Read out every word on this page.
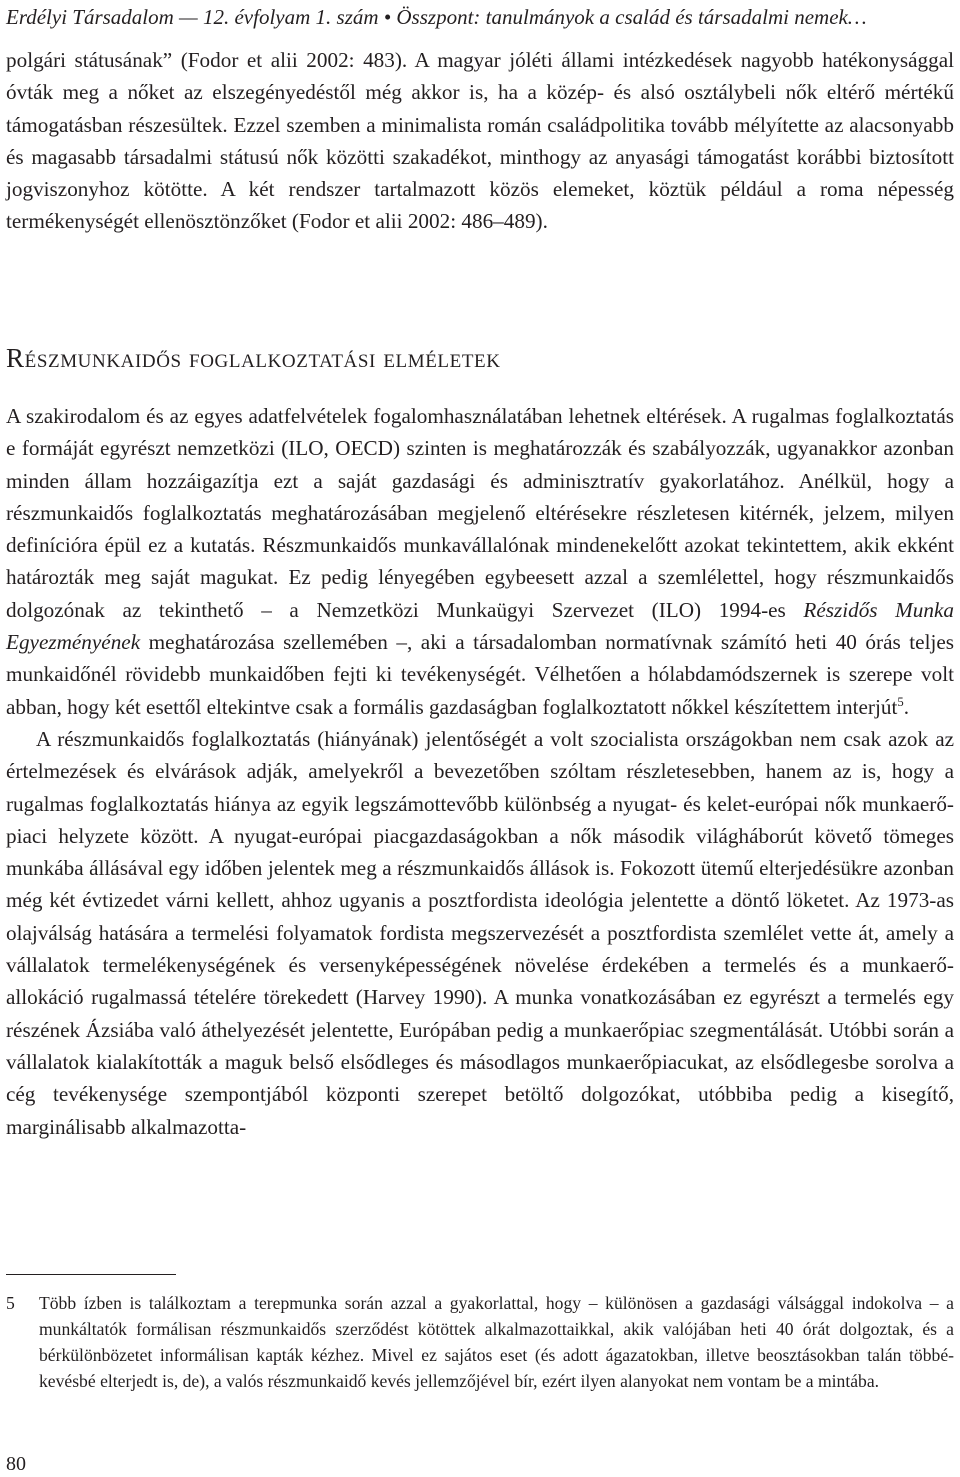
Erdélyi Társadalom — 12. évfolyam 1. szám • Összpont: tanulmányok a család és társadalmi nemek…

polgári státusának” (Fodor et alii 2002: 483). A magyar jóléti állami intézkedések nagyobb hatékonysággal óvták meg a nőket az elszegényedéstől még akkor is, ha a közép- és alsó osztálybeli nők eltérő mértékű támogatásban részesültek. Ezzel szemben a minimalista román családpolitika tovább mélyítette az alacsonyabb és magasabb társadalmi státusú nők közötti szakadékot, minthogy az anyasági támogatást korábbi biztosított jogviszonyhoz kötötte. A két rendszer tartalmazott közös elemeket, köztük például a roma népesség termékenységét ellenösztönzőket (Fodor et alii 2002: 486–489).

Részmunkaidős foglalkoztatási elméletek

A szakirodalom és az egyes adatfelvételek fogalomhasználatában lehetnek eltérések. A rugalmas foglalkoztatás e formáját egyrészt nemzetközi (ILO, OECD) szinten is meghatározzák és szabályozzák, ugyanakkor azonban minden állam hozzáigazítja ezt a saját gazdasági és adminisztratív gyakorlatához. Anélkül, hogy a részmunkaidős foglalkoztatás meghatározásában megjelenő eltérésekre részletesen kitérnék, jelzem, milyen definícióra épül ez a kutatás. Részmunkaidős munkavállalónak mindenekelőtt azokat tekintettem, akik ekként határozták meg saját magukat. Ez pedig lényegében egybeesett azzal a szemlélettel, hogy részmunkaidős dolgozónak az tekinthető – a Nemzetközi Munkaügyi Szervezet (ILO) 1994-es Részidős Munka Egyezményének meghatározása szellemében –, aki a társadalomban normatívnak számító heti 40 órás teljes munkaidőnél rövidebb munkaidőben fejti ki tevékenységét. Vélhetően a hólabdamódszernek is szerepe volt abban, hogy két esettől eltekintve csak a formális gazdaságban foglalkoztatott nőkkel készítettem interjút$^5$.

A részmunkaidős foglalkoztatás (hiányának) jelentőségét a volt szocialista országokban nem csak azok az értelmezések és elvárások adják, amelyekről a bevezetőben szóltam részletesebben, hanem az is, hogy a rugalmas foglalkoztatás hiánya az egyik legszámottevőbb különbség a nyugat- és kelet-európai nők munkaerő-piaci helyzete között. A nyugat-európai piacgazdaságokban a nők második világháborút követő tömeges munkába állásával egy időben jelentek meg a részmunkaidős állások is. Fokozott ütemű elterjedésükre azonban még két évtizedet várni kellett, ahhoz ugyanis a posztfordista ideológia jelentette a döntő löketet. Az 1973-as olajválság hatására a termelési folyamatok fordista megszervezését a posztfordista szemlélet vette át, amely a vállalatok termelékenységének és versenyképességének növelése érdekében a termelés és a munkaerő-allokáció rugalmassá tételére törekedett (Harvey 1990). A munka vonatkozásában ez egyrészt a termelés egy részének Ázsiába való áthelyezését jelentette, Európában pedig a munkaerőpiac szegmentálását. Utóbbi során a vállalatok kialakították a maguk belső elsődleges és másodlagos munkaerőpiacukat, az elsődlegesbe sorolva a cég tevékenysége szempontjából központi szerepet betöltő dolgozókat, utóbbiba pedig a kisegítő, marginálisabb alkalmazotta-

5 Több ízben is találkoztam a terepmunka során azzal a gyakorlattal, hogy – különösen a gazdasági válsággal indokolva – a munkáltatók formálisan részmunkaidős szerződést kötöttek alkalmazottaikkal, akik valójában heti 40 órát dolgoztak, és a bérkülönbözetet informálisan kapták kézhez. Mivel ez sajátos eset (és adott ágazatokban, illetve beosztásokban talán többé-kevésbé elterjedt is, de), a valós részmunkaidő kevés jellemzőjével bír, ezért ilyen alanyokat nem vontam be a mintába.
80
